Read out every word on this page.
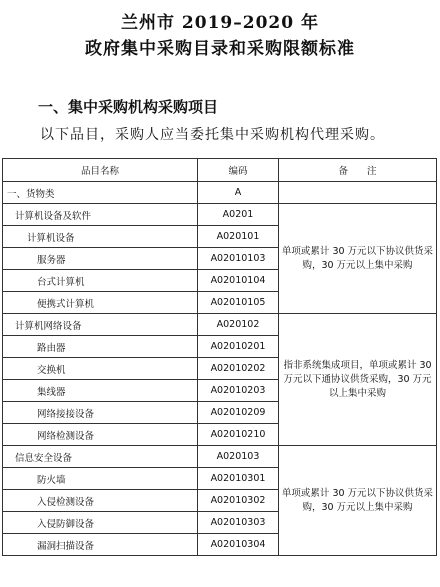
兰州市 2019–2020 年
政府集中采购目录和采购限额标准
一、集中采购机构采购项目
以下品目，采购人应当委托集中采购机构代理采购。
品目名称	编码	备　　注
一、货物类	A	
计算机设备及软件	A0201	单项或累计 30 万元以下协议供货采购，30 万元以上集中采购
计算机设备	A020101	
服务器	A02010103	
台式计算机	A02010104	
便携式计算机	A02010105	
计算机网络设备	A020102	指非系统集成项目，单项或累计 30 万元以下通协议供货采购，30 万元以上集中采购
路由器	A02010201	
交换机	A02010202	
集线器	A02010203	
网络接接设备	A02010209	
网络检测设备	A02010210	
信息安全设备	A020103	单项或累计 30 万元以下协议供货采购，30 万元以上集中采购
防火墙	A02010301	
入侵检测设备	A02010302	
入侵防御设备	A02010303	
漏洞扫描设备	A02010304	
